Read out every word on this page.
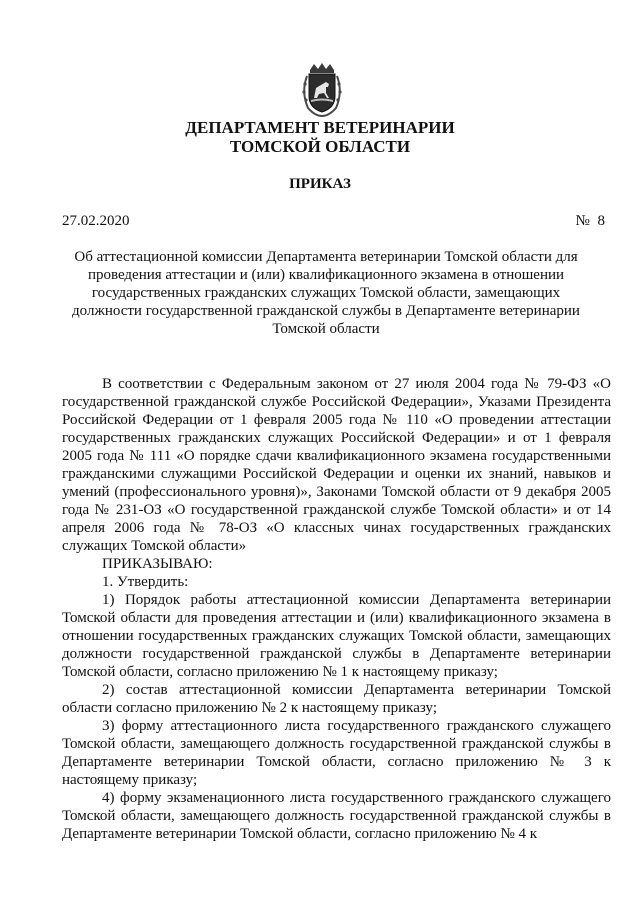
ДЕПАРТАМЕНТ ВЕТЕРИНАРИИ
ТОМСКОЙ ОБЛАСТИ
ПРИКАЗ
27.02.2020	№ 8
Об аттестационной комиссии Департамента ветеринарии Томской области для проведения аттестации и (или) квалификационного экзамена в отношении государственных гражданских служащих Томской области, замещающих должности государственной гражданской службы в Департаменте ветеринарии Томской области

В соответствии с Федеральным законом от 27 июля 2004 года № 79-ФЗ «О государственной гражданской службе Российской Федерации», Указами Президента Российской Федерации от 1 февраля 2005 года № 110 «О проведении аттестации государственных гражданских служащих Российской Федерации» и от 1 февраля 2005 года № 111 «О порядке сдачи квалификационного экзамена государственными гражданскими служащими Российской Федерации и оценки их знаний, навыков и умений (профессионального уровня)», Законами Томской области от 9 декабря 2005 года № 231-ОЗ «О государственной гражданской службе Томской области» и от 14 апреля 2006 года № 78-ОЗ «О классных чинах государственных гражданских служащих Томской области»

ПРИКАЗЫВАЮ:

1. Утвердить:

1) Порядок работы аттестационной комиссии Департамента ветеринарии Томской области для проведения аттестации и (или) квалификационного экзамена в отношении государственных гражданских служащих Томской области, замещающих должности государственной гражданской службы в Департаменте ветеринарии Томской области, согласно приложению № 1 к настоящему приказу;

2) состав аттестационной комиссии Департамента ветеринарии Томской области согласно приложению № 2 к настоящему приказу;

3) форму аттестационного листа государственного гражданского служащего Томской области, замещающего должность государственной гражданской службы в Департаменте ветеринарии Томской области, согласно приложению № 3 к настоящему приказу;

4) форму экзаменационного листа государственного гражданского служащего Томской области, замещающего должность государственной гражданской службы в Департаменте ветеринарии Томской области, согласно приложению № 4 к
